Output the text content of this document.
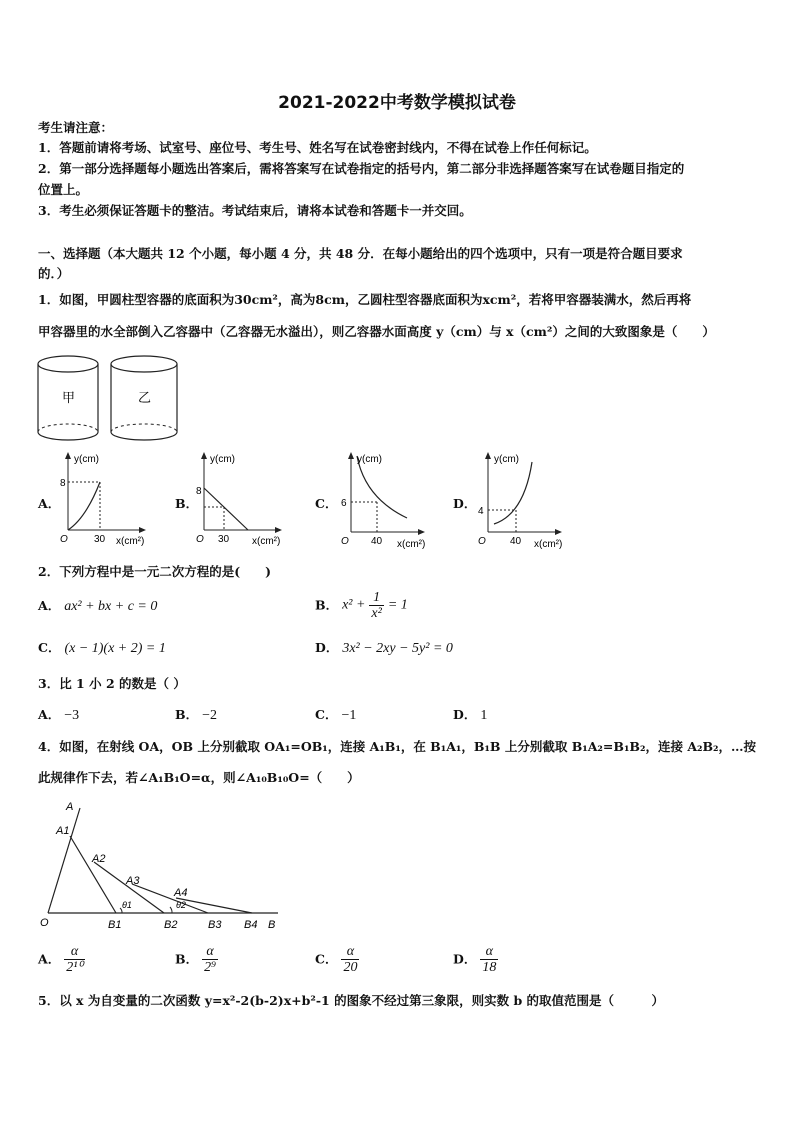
2021-2022中考数学模拟试卷
考生请注意：
1．答题前请将考场、试室号、座位号、考生号、姓名写在试卷密封线内，不得在试卷上作任何标记。
2．第一部分选择题每小题选出答案后，需将答案写在试卷指定的括号内，第二部分非选择题答案写在试卷题目指定的
位置上。
3．考生必须保证答题卡的整洁。考试结束后，请将本试卷和答题卡一并交回。
一、选择题（本大题共 12 个小题，每小题 4 分，共 48 分．在每小题给出的四个选项中，只有一项是符合题目要求
的．）
1．如图，甲圆柱型容器的底面积为30cm²，高为8cm，乙圆柱型容器底面积为xcm²，若将甲容器装满水，然后再将
甲容器里的水全部倒入乙容器中（乙容器无水溢出），则乙容器水面高度 y（cm）与 x（cm²）之间的大致图象是（　　）
甲	乙
A．
y(cm)
8
30 x(cm²)
O
B．
y(cm)
8
30 x(cm²)
O
C．
y(cm)
6
40 x(cm²)
O
D．
y(cm)
4
40 x(cm²)
O
2．下列方程中是一元二次方程的是(　　)
A． ax² + bx + c = 0	B． $x^2 + \frac{1}{\text{x²}} = 1$
C． (x − 1)(x + 2) = 1	D． 3x² − 2xy − 5y² = 0
3．比 1 小 2 的数是（ ）
A． −3	B． −2	C． −1	D． 1
4．如图，在射线 OA，OB 上分别截取 OA₁=OB₁，连接 A₁B₁，在 B₁A₁，B₁B 上分别截取 B₁A₂=B₁B₂，连接 A₂B₂，…按
此规律作下去，若∠A₁B₁O=α，则∠A₁₀B₁₀O=（　　）
A
A1
A2
A3
A4
O	B1	B2	B3 B4 B
θ1	θ2
A． $\frac{\alpha}{\text{2¹⁰}}$	B． $\frac{\alpha}{\text{2⁹}}$	C． $\frac{\alpha}{20}$	D． $\frac{\alpha}{18}$
5．以 x 为自变量的二次函数 y=x²-2(b-2)x+b²-1 的图象不经过第三象限，则实数 b 的取值范围是（　　　）
